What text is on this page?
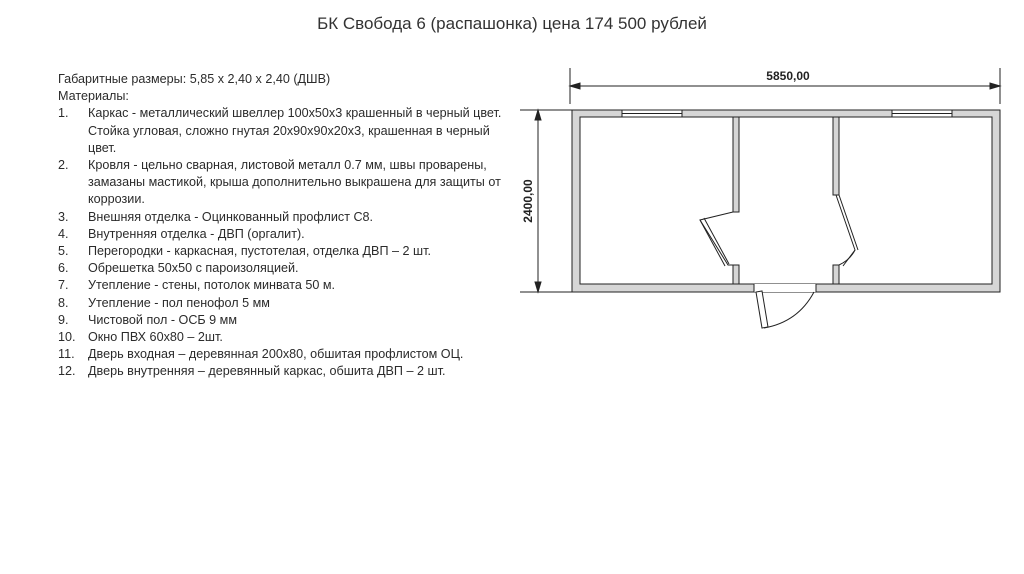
БК Свобода 6 (распашонка) цена 174 500 рублей

Габаритные размеры: 5,85 х 2,40 х 2,40 (ДШВ)

Материалы:

1. Каркас - металлический швеллер 100х50х3 крашенный в черный цвет. Стойка угловая, сложно гнутая 20х90х90х20х3, крашенная в черный цвет.
2. Кровля - цельно сварная, листовой металл 0.7 мм, швы проварены, замазаны мастикой, крыша дополнительно выкрашена для защиты от коррозии.
3. Внешняя отделка - Оцинкованный профлист С8.
4. Внутренняя отделка - ДВП (оргалит).
5. Перегородки - каркасная, пустотелая, отделка ДВП – 2 шт.
6. Обрешетка 50х50 с пароизоляцией.
7. Утепление - стены, потолок минвата 50 м.
8. Утепление - пол пенофол 5 мм
9. Чистовой пол - ОСБ 9 мм
10. Окно ПВХ 60х80 – 2шт.
11. Дверь входная – деревянная 200х80, обшитая профлистом ОЦ.
12. Дверь внутренняя – деревянный каркас, обшита ДВП – 2 шт.
5850,00
2400,00
